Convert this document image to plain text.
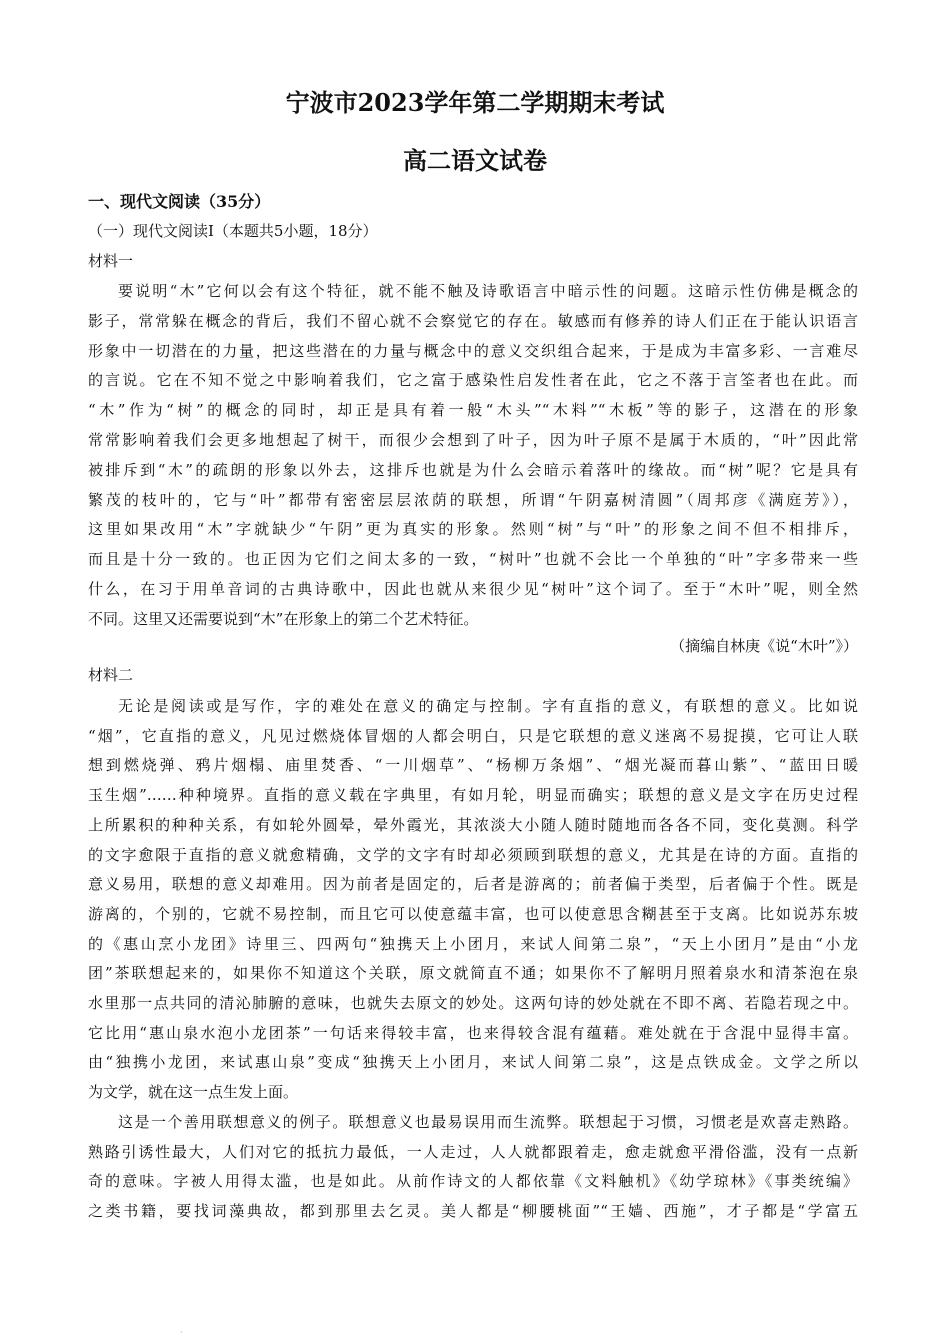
宁波市2023学年第二学期期末考试
高二语文试卷
一、现代文阅读（35分）
（一）现代文阅读Ⅰ（本题共5小题，18分）
材料一
要说明“木”它何以会有这个特征，就不能不触及诗歌语言中暗示性的问题。这暗示性仿佛是概念的
影子，常常躲在概念的背后，我们不留心就不会察觉它的存在。敏感而有修养的诗人们正在于能认识语言
形象中一切潜在的力量，把这些潜在的力量与概念中的意义交织组合起来，于是成为丰富多彩、一言难尽
的言说。它在不知不觉之中影响着我们，它之富于感染性启发性者在此，它之不落于言筌者也在此。而
“木”作为“树”的概念的同时，却正是具有着一般“木头”“木料”“木板”等的影子，这潜在的形象
常常影响着我们会更多地想起了树干，而很少会想到了叶子，因为叶子原不是属于木质的，“叶”因此常
被排斥到“木”的疏朗的形象以外去，这排斥也就是为什么会暗示着落叶的缘故。而“树”呢？它是具有
繁茂的枝叶的，它与“叶”都带有密密层层浓荫的联想，所谓“午阴嘉树清圆”（周邦彦《满庭芳》），
这里如果改用“木”字就缺少“午阴”更为真实的形象。然则“树”与“叶”的形象之间不但不相排斥，
而且是十分一致的。也正因为它们之间太多的一致，“树叶”也就不会比一个单独的“叶”字多带来一些
什么，在习于用单音词的古典诗歌中，因此也就从来很少见“树叶”这个词了。至于“木叶”呢，则全然
不同。这里又还需要说到“木”在形象上的第二个艺术特征。
（摘编自林庚《说“木叶”》）
材料二
无论是阅读或是写作，字的难处在意义的确定与控制。字有直指的意义，有联想的意义。比如说
“烟”，它直指的意义，凡见过燃烧体冒烟的人都会明白，只是它联想的意义迷离不易捉摸，它可让人联
想到燃烧弹、鸦片烟榻、庙里焚香、“一川烟草”、“杨柳万条烟”、“烟光凝而暮山紫”、“蓝田日暖
玉生烟”……种种境界。直指的意义载在字典里，有如月轮，明显而确实；联想的意义是文字在历史过程
上所累积的种种关系，有如轮外圆晕，晕外霞光，其浓淡大小随人随时随地而各各不同，变化莫测。科学
的文字愈限于直指的意义就愈精确，文学的文字有时却必须顾到联想的意义，尤其是在诗的方面。直指的
意义易用，联想的意义却难用。因为前者是固定的，后者是游离的；前者偏于类型，后者偏于个性。既是
游离的，个别的，它就不易控制，而且它可以使意蕴丰富，也可以使意思含糊甚至于支离。比如说苏东坡
的《惠山烹小龙团》诗里三、四两句“独携天上小团月，来试人间第二泉”，“天上小团月”是由“小龙
团”茶联想起来的，如果你不知道这个关联，原文就简直不通；如果你不了解明月照着泉水和清茶泡在泉
水里那一点共同的清沁肺腑的意味，也就失去原文的妙处。这两句诗的妙处就在不即不离、若隐若现之中。
它比用“惠山泉水泡小龙团茶”一句话来得较丰富，也来得较含混有蕴藉。难处就在于含混中显得丰富。
由“独携小龙团，来试惠山泉”变成“独携天上小团月，来试人间第二泉”，这是点铁成金。文学之所以
为文学，就在这一点生发上面。
这是一个善用联想意义的例子。联想意义也最易误用而生流弊。联想起于习惯，习惯老是欢喜走熟路。
熟路引诱性最大，人们对它的抵抗力最低，一人走过，人人就都跟着走，愈走就愈平滑俗滥，没有一点新
奇的意味。字被人用得太滥，也是如此。从前作诗文的人都依靠《文料触机》《幼学琼林》《事类统编》
之类书籍，要找词藻典故，都到那里去乞灵。美人都是“柳腰桃面”“王嫱、西施”，才子都是“学富五
·
